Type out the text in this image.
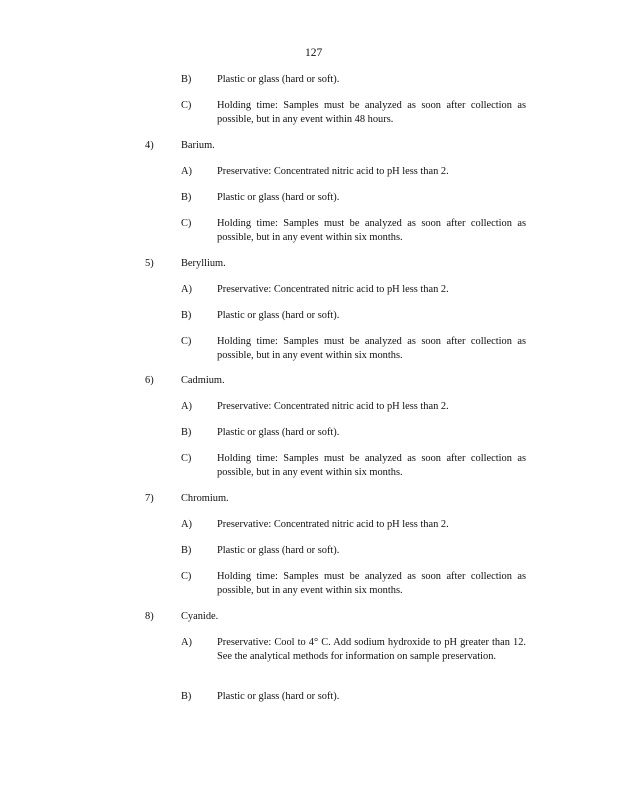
127
B) Plastic or glass (hard or soft).
C) Holding time: Samples must be analyzed as soon after collection as possible, but in any event within 48 hours.
4)	Barium.
A) Preservative: Concentrated nitric acid to pH less than 2.
B) Plastic or glass (hard or soft).
C) Holding time: Samples must be analyzed as soon after collection as possible, but in any event within six months.
5)	Beryllium.
A) Preservative: Concentrated nitric acid to pH less than 2.
B) Plastic or glass (hard or soft).
C) Holding time: Samples must be analyzed as soon after collection as possible, but in any event within six months.
6)	Cadmium.
A) Preservative: Concentrated nitric acid to pH less than 2.
B) Plastic or glass (hard or soft).
C) Holding time: Samples must be analyzed as soon after collection as possible, but in any event within six months.
7)	Chromium.
A) Preservative: Concentrated nitric acid to pH less than 2.
B) Plastic or glass (hard or soft).
C) Holding time: Samples must be analyzed as soon after collection as possible, but in any event within six months.
8)	Cyanide.
A) Preservative: Cool to 4° C. Add sodium hydroxide to pH greater than 12. See the analytical methods for information on sample preservation.
B) Plastic or glass (hard or soft).
